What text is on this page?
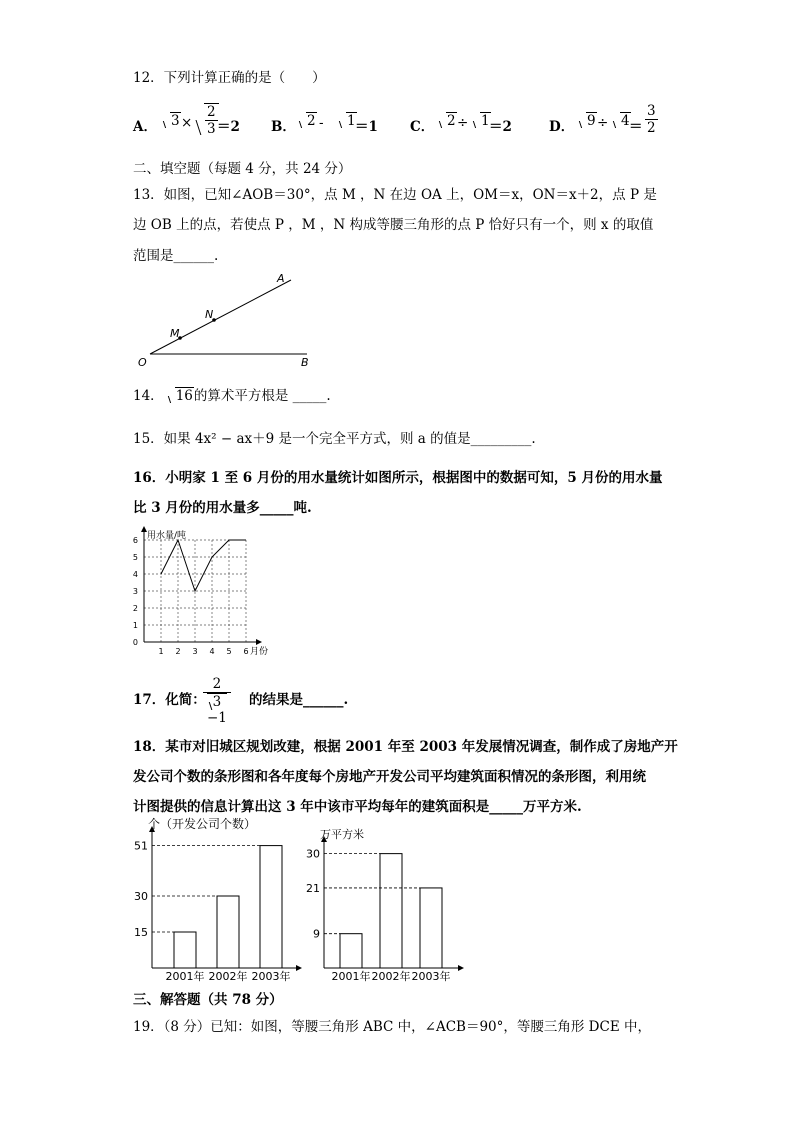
12．下列计算正确的是（　　）
A．	$3 \times \frac{2}{3}$
＝2 B． 2 -	1 ＝1 C． 2 ÷ 1 ＝2	D． $9 \div 4 = \frac{3}{2}$
二、填空题（每题 4 分，共 24 分）
13．如图，已知∠AOB＝30°，点 M ，N 在边 OA 上，OM＝x，ON＝x＋2，点 P 是
边 OB 上的点，若使点 P ，M ，N 构成等腰三角形的点 P 恰好只有一个，则 x 的取值
范围是______.
A
N
M
O	B
14． 16的算术平方根是 _____.
15．如果 4x² − ax＋9 是一个完全平方式，则 a 的值是_________.
16．小明家 1 至 6 月份的用水量统计如图所示，根据图中的数据可知，5 月份的用水量
比 3 月份的用水量多_____吨.
1 2 3 4 5 6
0
1
2
3
4
5
6 用水量/吨
月份
17．化简：
2
3
−1 的结果是______.
18．某市对旧城区规划改建，根据 2001 年至 2003 年发展情况调查，制作成了房地产开
发公司个数的条形图和各年度每个房地产开发公司平均建筑面积情况的条形图，利用统
计图提供的信息计算出这 3 年中该市平均每年的建筑面积是_____万平方米.
个（开发公司个数）
2001年 2002年 2003年
15
30
51
万平方米
2001年 2002年 2003年
9
21
30
三、解答题（共 78 分）
19．（8 分）已知：如图，等腰三角形 ABC 中，∠ACB＝90°，等腰三角形 DCE 中，
